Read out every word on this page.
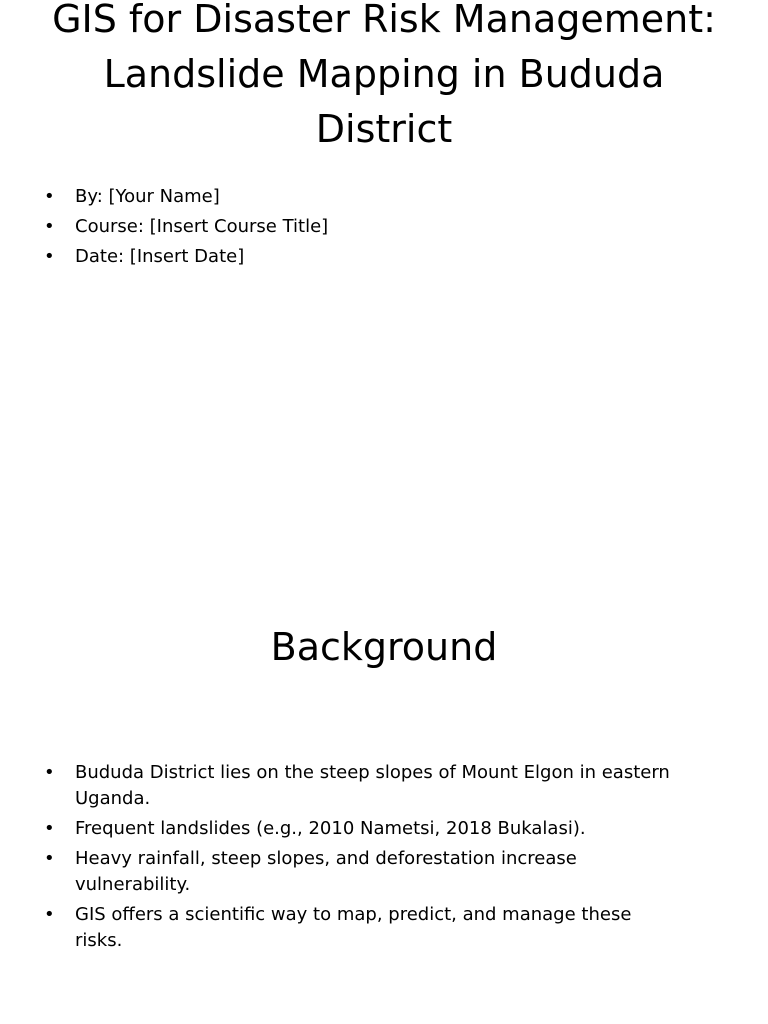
GIS for Disaster Risk Management: Landslide Mapping in Bududa District
• By: [Your Name]
• Course: [Insert Course Title]
• Date: [Insert Date]
Background
• Bududa District lies on the steep slopes of Mount Elgon in eastern Uganda.
• Frequent landslides (e.g., 2010 Nametsi, 2018 Bukalasi).
• Heavy rainfall, steep slopes, and deforestation increase vulnerability.
• GIS offers a scientific way to map, predict, and manage these risks.
